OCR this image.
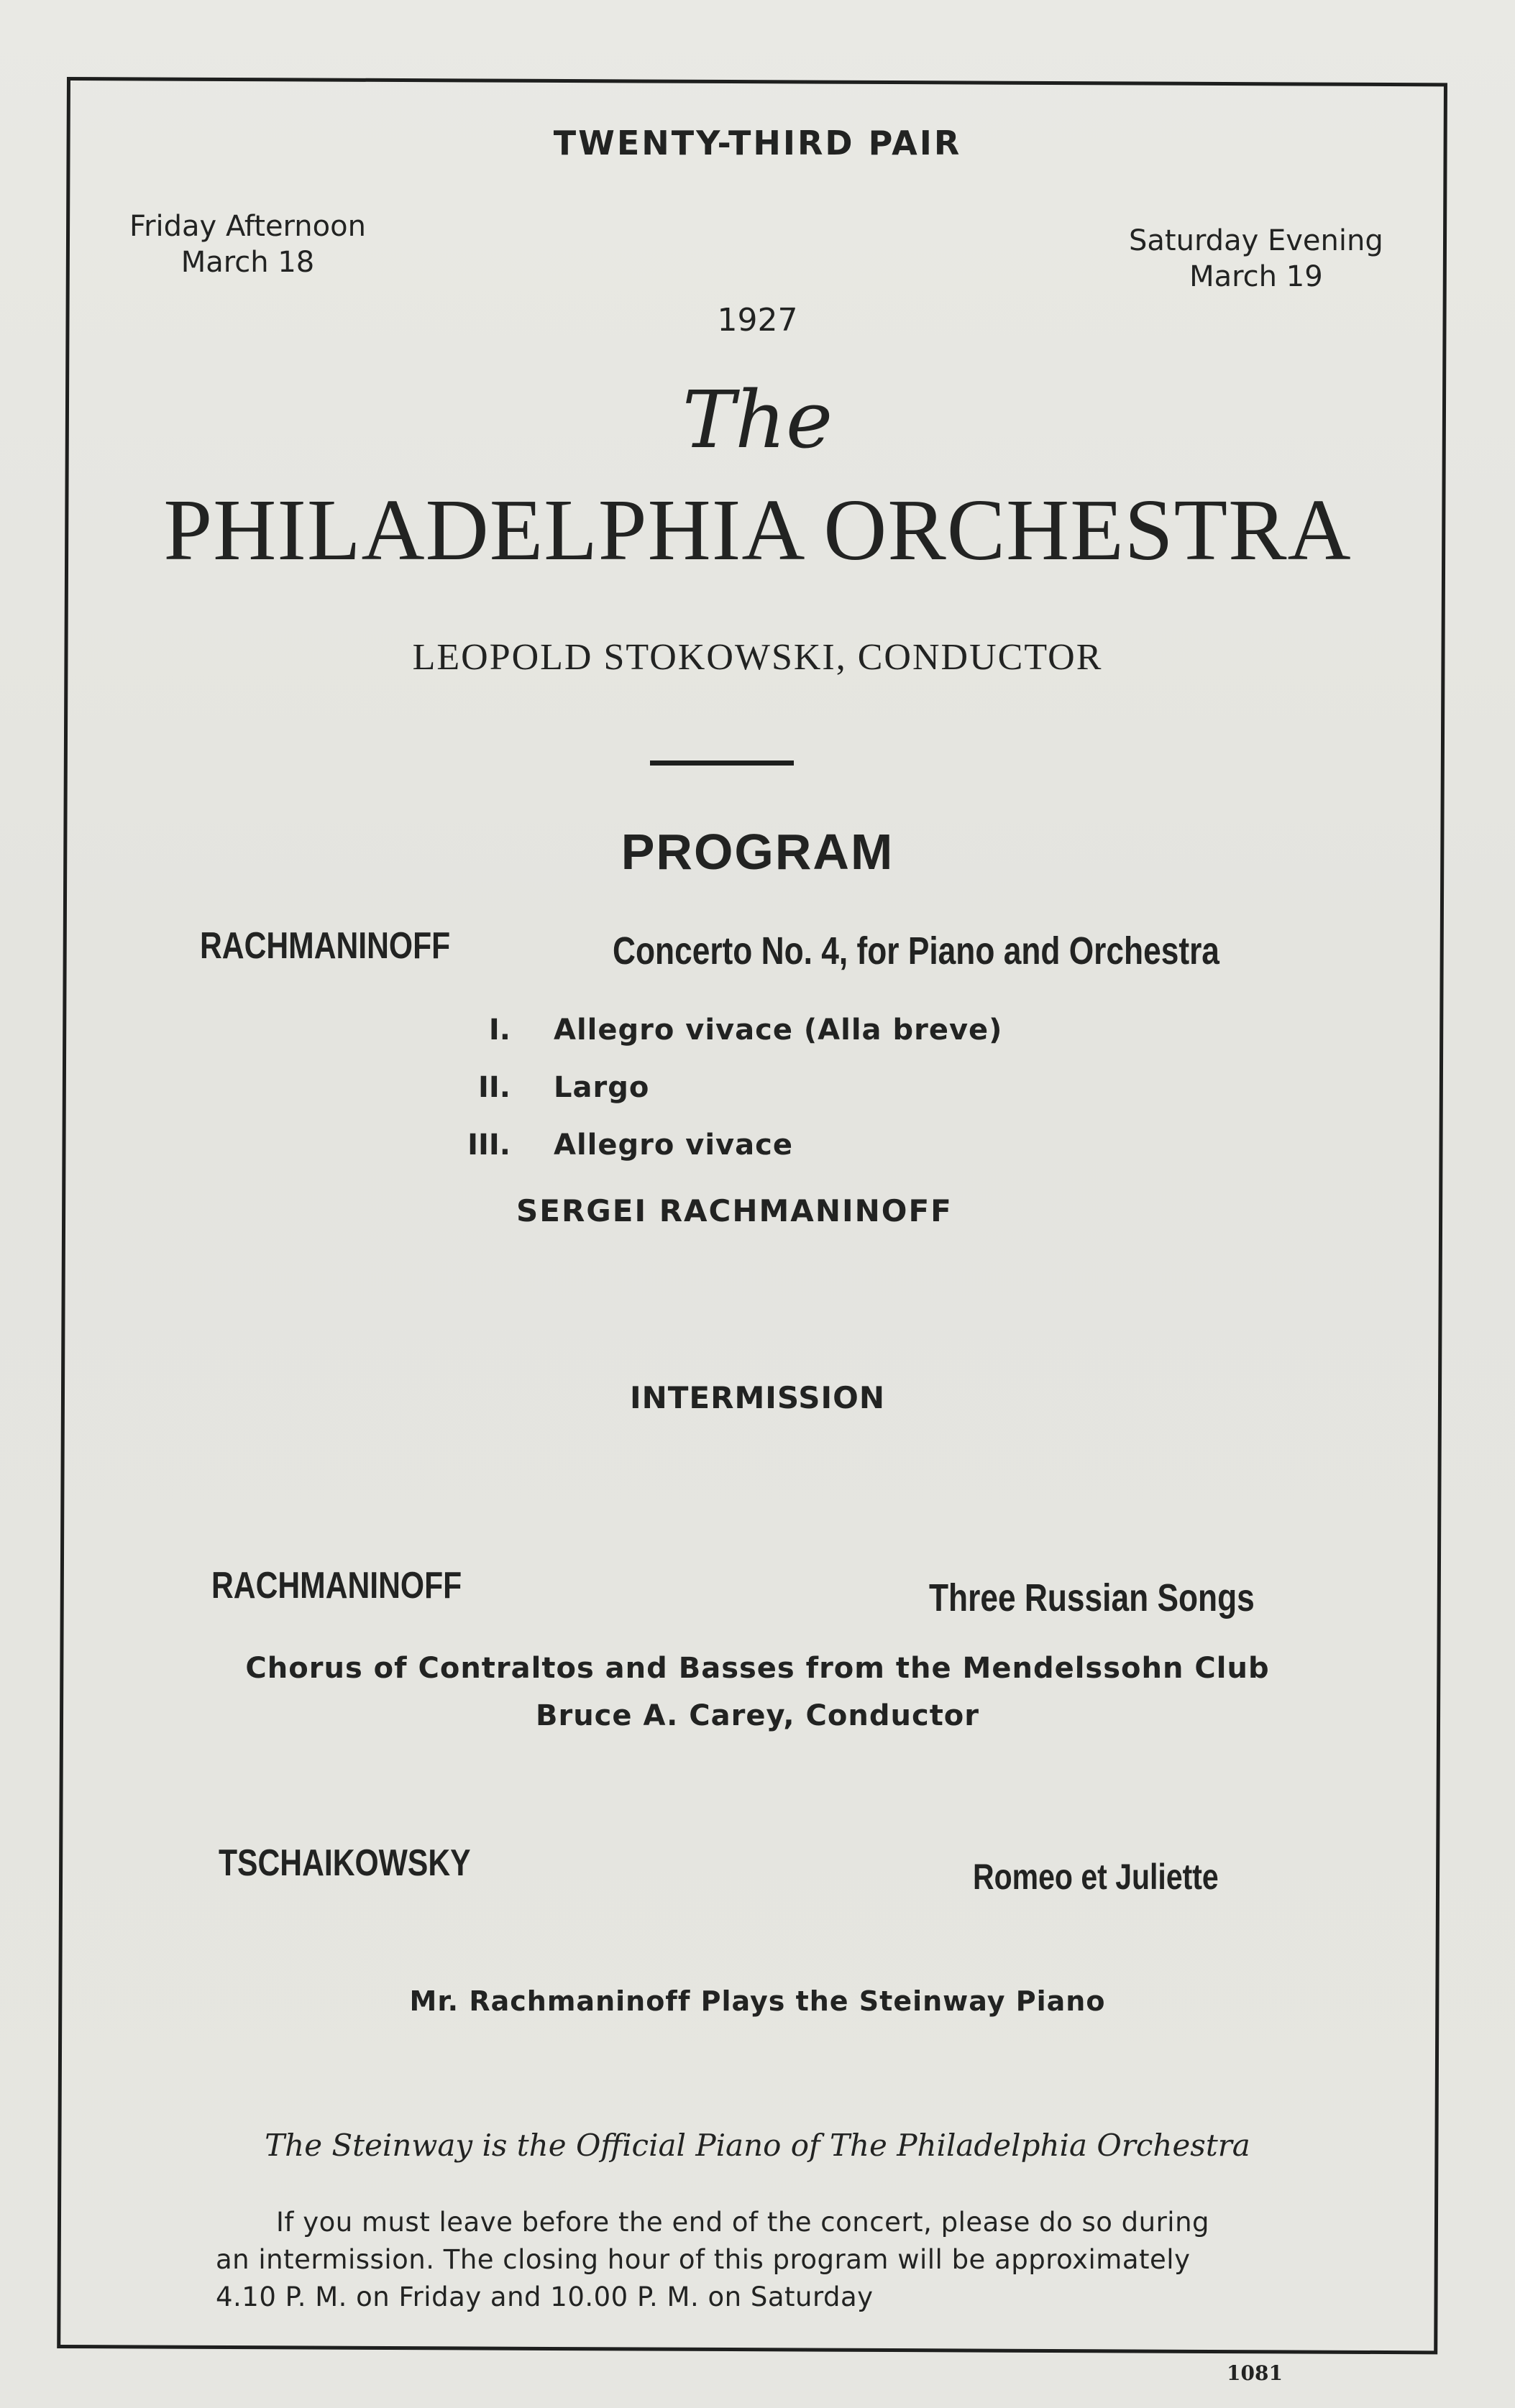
TWENTY-THIRD PAIR
Friday Afternoon
March 18
Saturday Evening
March 19
1927
The
PHILADELPHIA ORCHESTRA
LEOPOLD STOKOWSKI, CONDUCTOR
PROGRAM
RACHMANINOFF	Concerto No. 4, for Piano and Orchestra
I. Allegro vivace (Alla breve)
II. Largo
III. Allegro vivace
SERGEI RACHMANINOFF
INTERMISSION
RACHMANINOFF	Three Russian Songs
Chorus of Contraltos and Basses from the Mendelssohn Club
Bruce A. Carey, Conductor
TSCHAIKOWSKY	Romeo et Juliette
Mr. Rachmaninoff Plays the Steinway Piano
The Steinway is the Official Piano of The Philadelphia Orchestra
If you must leave before the end of the concert, please do so during
an intermission. The closing hour of this program will be approximately
4.10 P. M. on Friday and 10.00 P. M. on Saturday
1081
